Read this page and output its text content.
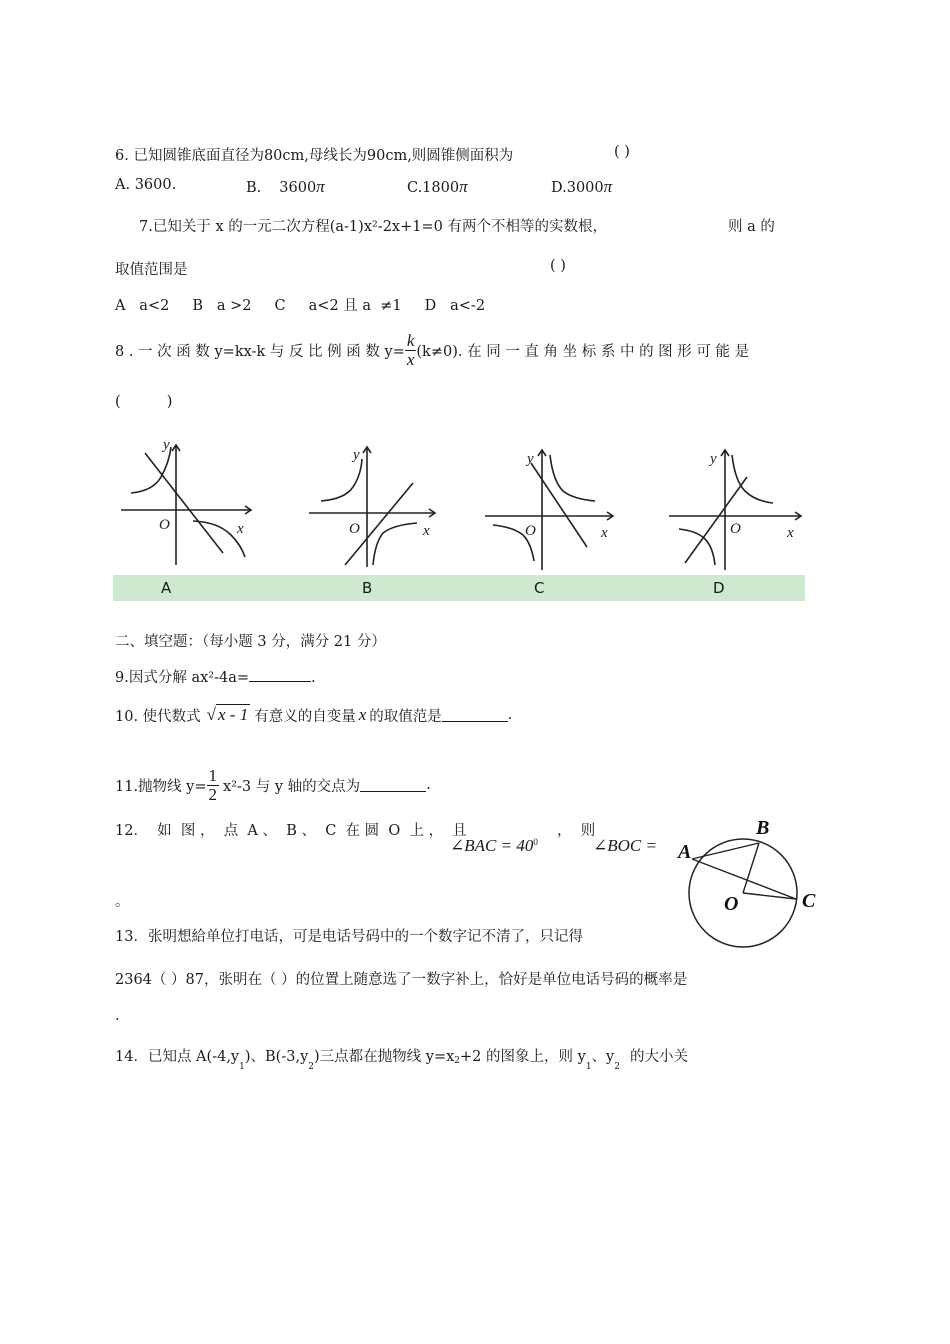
6. 已知圆锥底面直径为80cm,母线长为90cm,则圆锥侧面积为	( )
A. 3600.	B. 3600π	C.1800π	D.3000π
7.已知关于 x 的一元二次方程(a-1)x²-2x+1=0 有两个不相等的实数根，	则 a 的
取值范围是	( )
A   a<2     B   a >2     C     a<2 且 a  ≠1     D   a<-2
8 . 一 次 函 数 y=kx-k 与 反 比 例 函 数 $y= \frac{k}{x} (k\ne 0)$. 在 同 一 直 角 坐 标 系 中 的 图 形 可 能 是
(          )
y
x
O
y
x
O
y
x
O
y
x
O
A	B	C	D
二、填空题：（每小题 3 分，满分 21 分）
9.因式分解 ax²-4a=	.
10. 使代数式 √ x - 1 有意义的自变量 x 的取值范是	.
11.抛物线 $y= \frac{1}{2} x^2-3$ 与 y 轴的交点为	.
12．  如  图 ，  点  A 、  B 、  C  在 圆  O  上 ，  且
∠BAC = $40^0$
，  则
∠BOC =
。
B
A
O	C
13．张明想給单位打电话，可是电话号码中的一个数字记不清了，只记得
2364（ ）87，张明在（ ）的位置上随意选了一数字补上，恰好是单位电话号码的概率是
.
14．已知点 $A(-4,y_1)$、$B(-3,y_2)$三点都在抛物线 $y=x_2+2$ 的图象上，则 $y_1$、$y_2$的大小关
